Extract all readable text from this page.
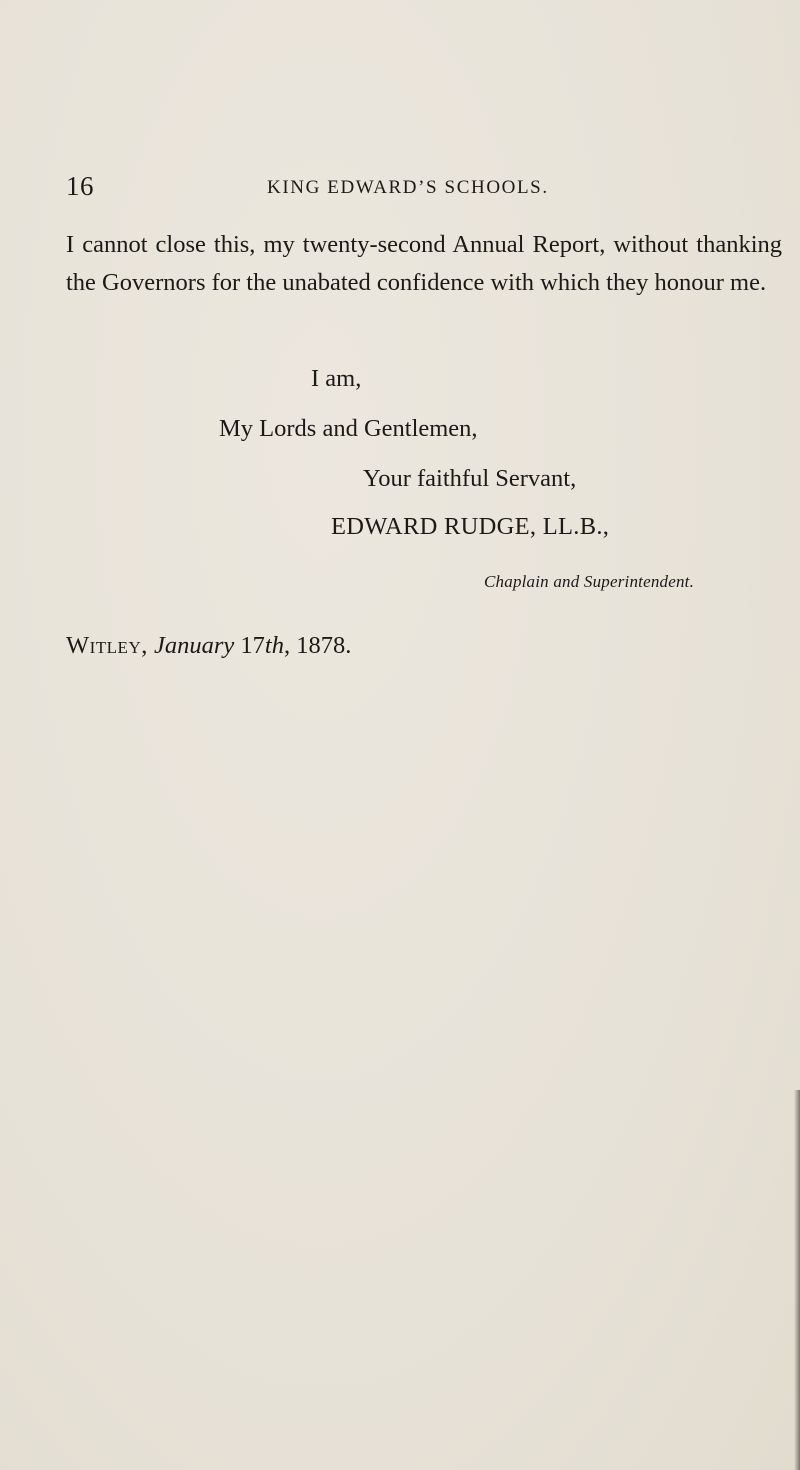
16	KING EDWARD’S SCHOOLS.
I cannot close this, my twenty-second Annual Report, without thanking the Governors for the unabated confidence with which they honour me.
I am,
My Lords and Gentlemen,
Your faithful Servant,
EDWARD RUDGE, LL.B.,
Chaplain and Superintendent.
Witley, January 17th, 1878.
